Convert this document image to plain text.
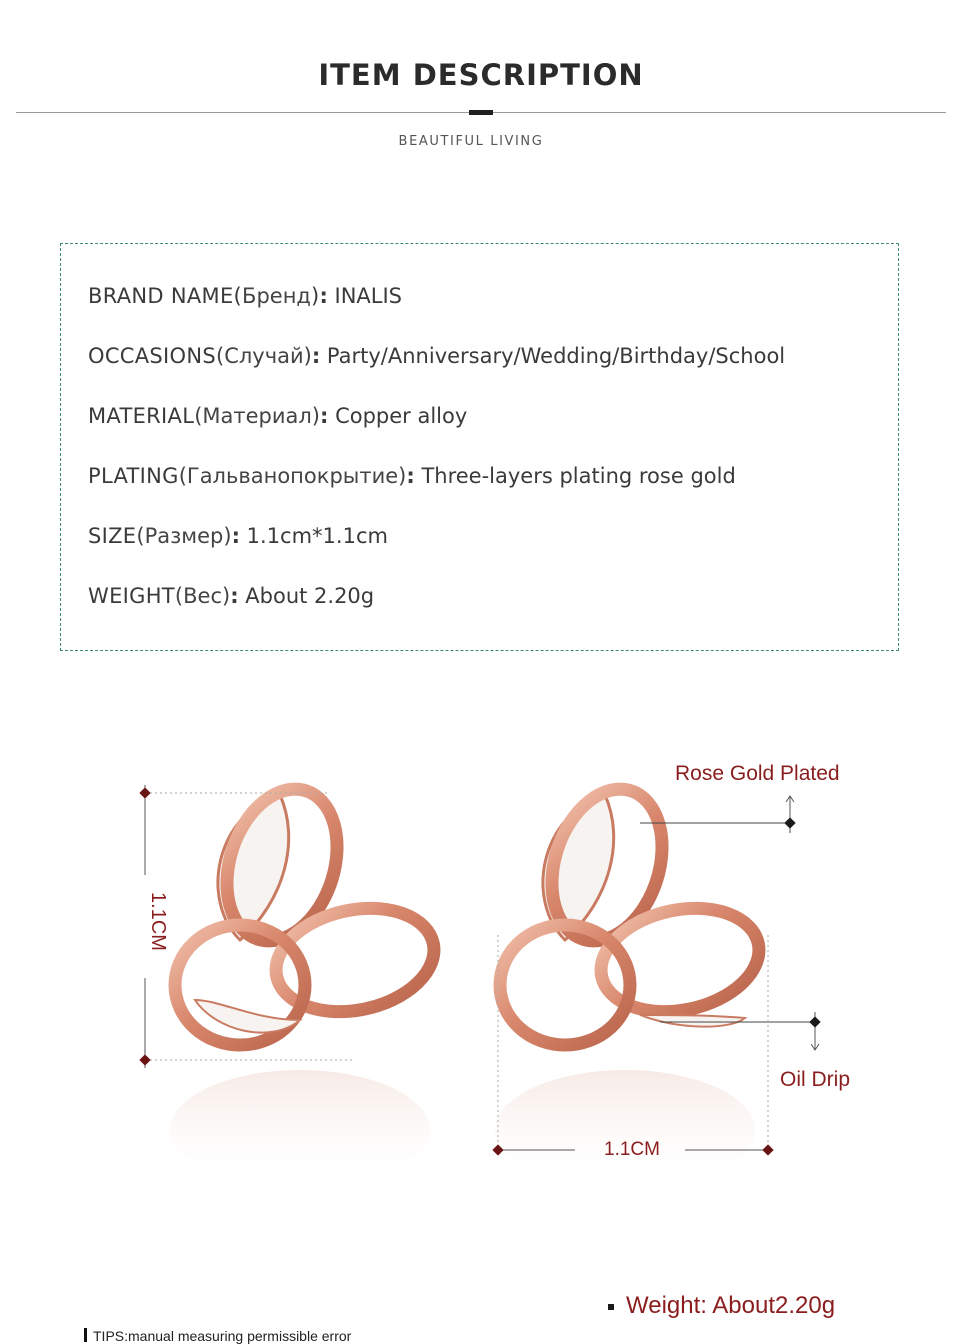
ITEM DESCRIPTION
BEAUTIFUL LIVING
BRAND NAME(Бренд): INALIS
OCCASIONS(Случай): Party/Anniversary/Wedding/Birthday/School
MATERIAL(Материал): Copper alloy
PLATING(Гальванопокрытие): Three-layers plating rose gold
SIZE(Размер): 1.1cm*1.1cm
WEIGHT(Вес): About 2.20g
1.1CM
Rose Gold Plated
Oil Drip
1.1CM
Weight: About2.20g
TIPS:manual measuring permissible error
